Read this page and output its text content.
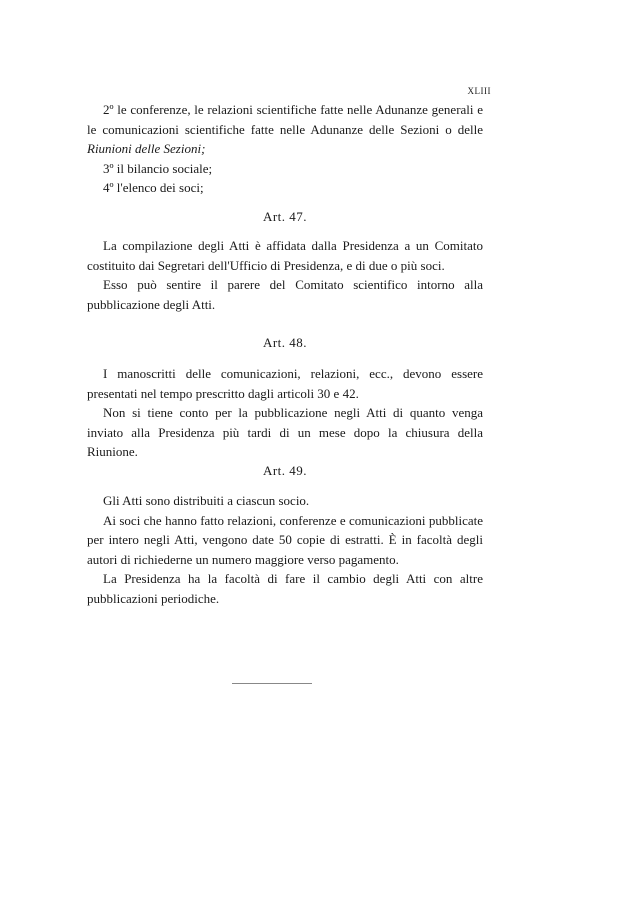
XLIII

2º le conferenze, le relazioni scientifiche fatte nelle Adunanze generali e le comunicazioni scientifiche fatte nelle Adunanze delle Sezioni o delle Riunioni delle Sezioni;

3º il bilancio sociale;

4º l'elenco dei soci;

Art. 47.

La compilazione degli Atti è affidata dalla Presidenza a un Comitato costituito dai Segretari dell'Ufficio di Presidenza, e di due o più soci.

Esso può sentire il parere del Comitato scientifico intorno alla pubblicazione degli Atti.

Art. 48.

I manoscritti delle comunicazioni, relazioni, ecc., devono essere presentati nel tempo prescritto dagli articoli 30 e 42.

Non si tiene conto per la pubblicazione negli Atti di quanto venga inviato alla Presidenza più tardi di un mese dopo la chiusura della Riunione.

Art. 49.

Gli Atti sono distribuiti a ciascun socio.

Ai soci che hanno fatto relazioni, conferenze e comunicazioni pubblicate per intero negli Atti, vengono date 50 copie di estratti. È in facoltà degli autori di richiederne un numero maggiore verso pagamento.

La Presidenza ha la facoltà di fare il cambio degli Atti con altre pubblicazioni periodiche.
